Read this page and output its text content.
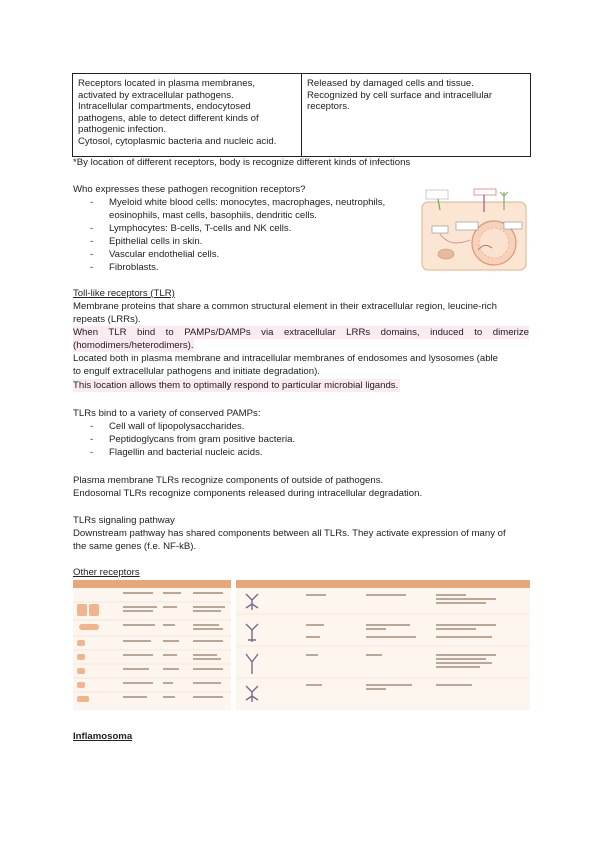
Receptors located in plasma membranes,
activated by extracellular pathogens.
Intracellular compartments, endocytosed
pathogens, able to detect different kinds of
pathogenic infection.
Cytosol, cytoplasmic bacteria and nucleic acid.
Released by damaged cells and tissue.
Recognized by cell surface and intracellular
receptors.
*By location of different receptors, body is recognize different kinds of infections
Who expresses these pathogen recognition receptors?
- Myeloid white blood cells: monocytes, macrophages, neutrophils,
eosinophils, mast cells, basophils, dendritic cells.
- Lymphocytes: B-cells, T-cells and NK cells.
- Epithelial cells in skin.
- Vascular endothelial cells.
- Fibroblasts.
Toll-like receptors (TLR)
Membrane proteins that share a common structural element in their extracellular region, leucine-rich
repeats (LRRs).
When TLR bind to PAMPs/DAMPs via extracellular LRRs domains, induced to dimerize
(homodimers/heterodimers).
Located both in plasma membrane and intracellular membranes of endosomes and lysosomes (able
to engulf extracellular pathogens and initiate degradation).
This location allows them to optimally respond to particular microbial ligands.
TLRs bind to a variety of conserved PAMPs:
- Cell wall of lipopolysaccharides.
- Peptidoglycans from gram positive bacteria.
- Flagellin and bacterial nucleic acids.
Plasma membrane TLRs recognize components of outside of pathogens.
Endosomal TLRs recognize components released during intracellular degradation.
TLRs signaling pathway
Downstream pathway has shared components between all TLRs. They activate expression of many of
the same genes (f.e. NF-kB).
Other receptors
Inflamosoma
